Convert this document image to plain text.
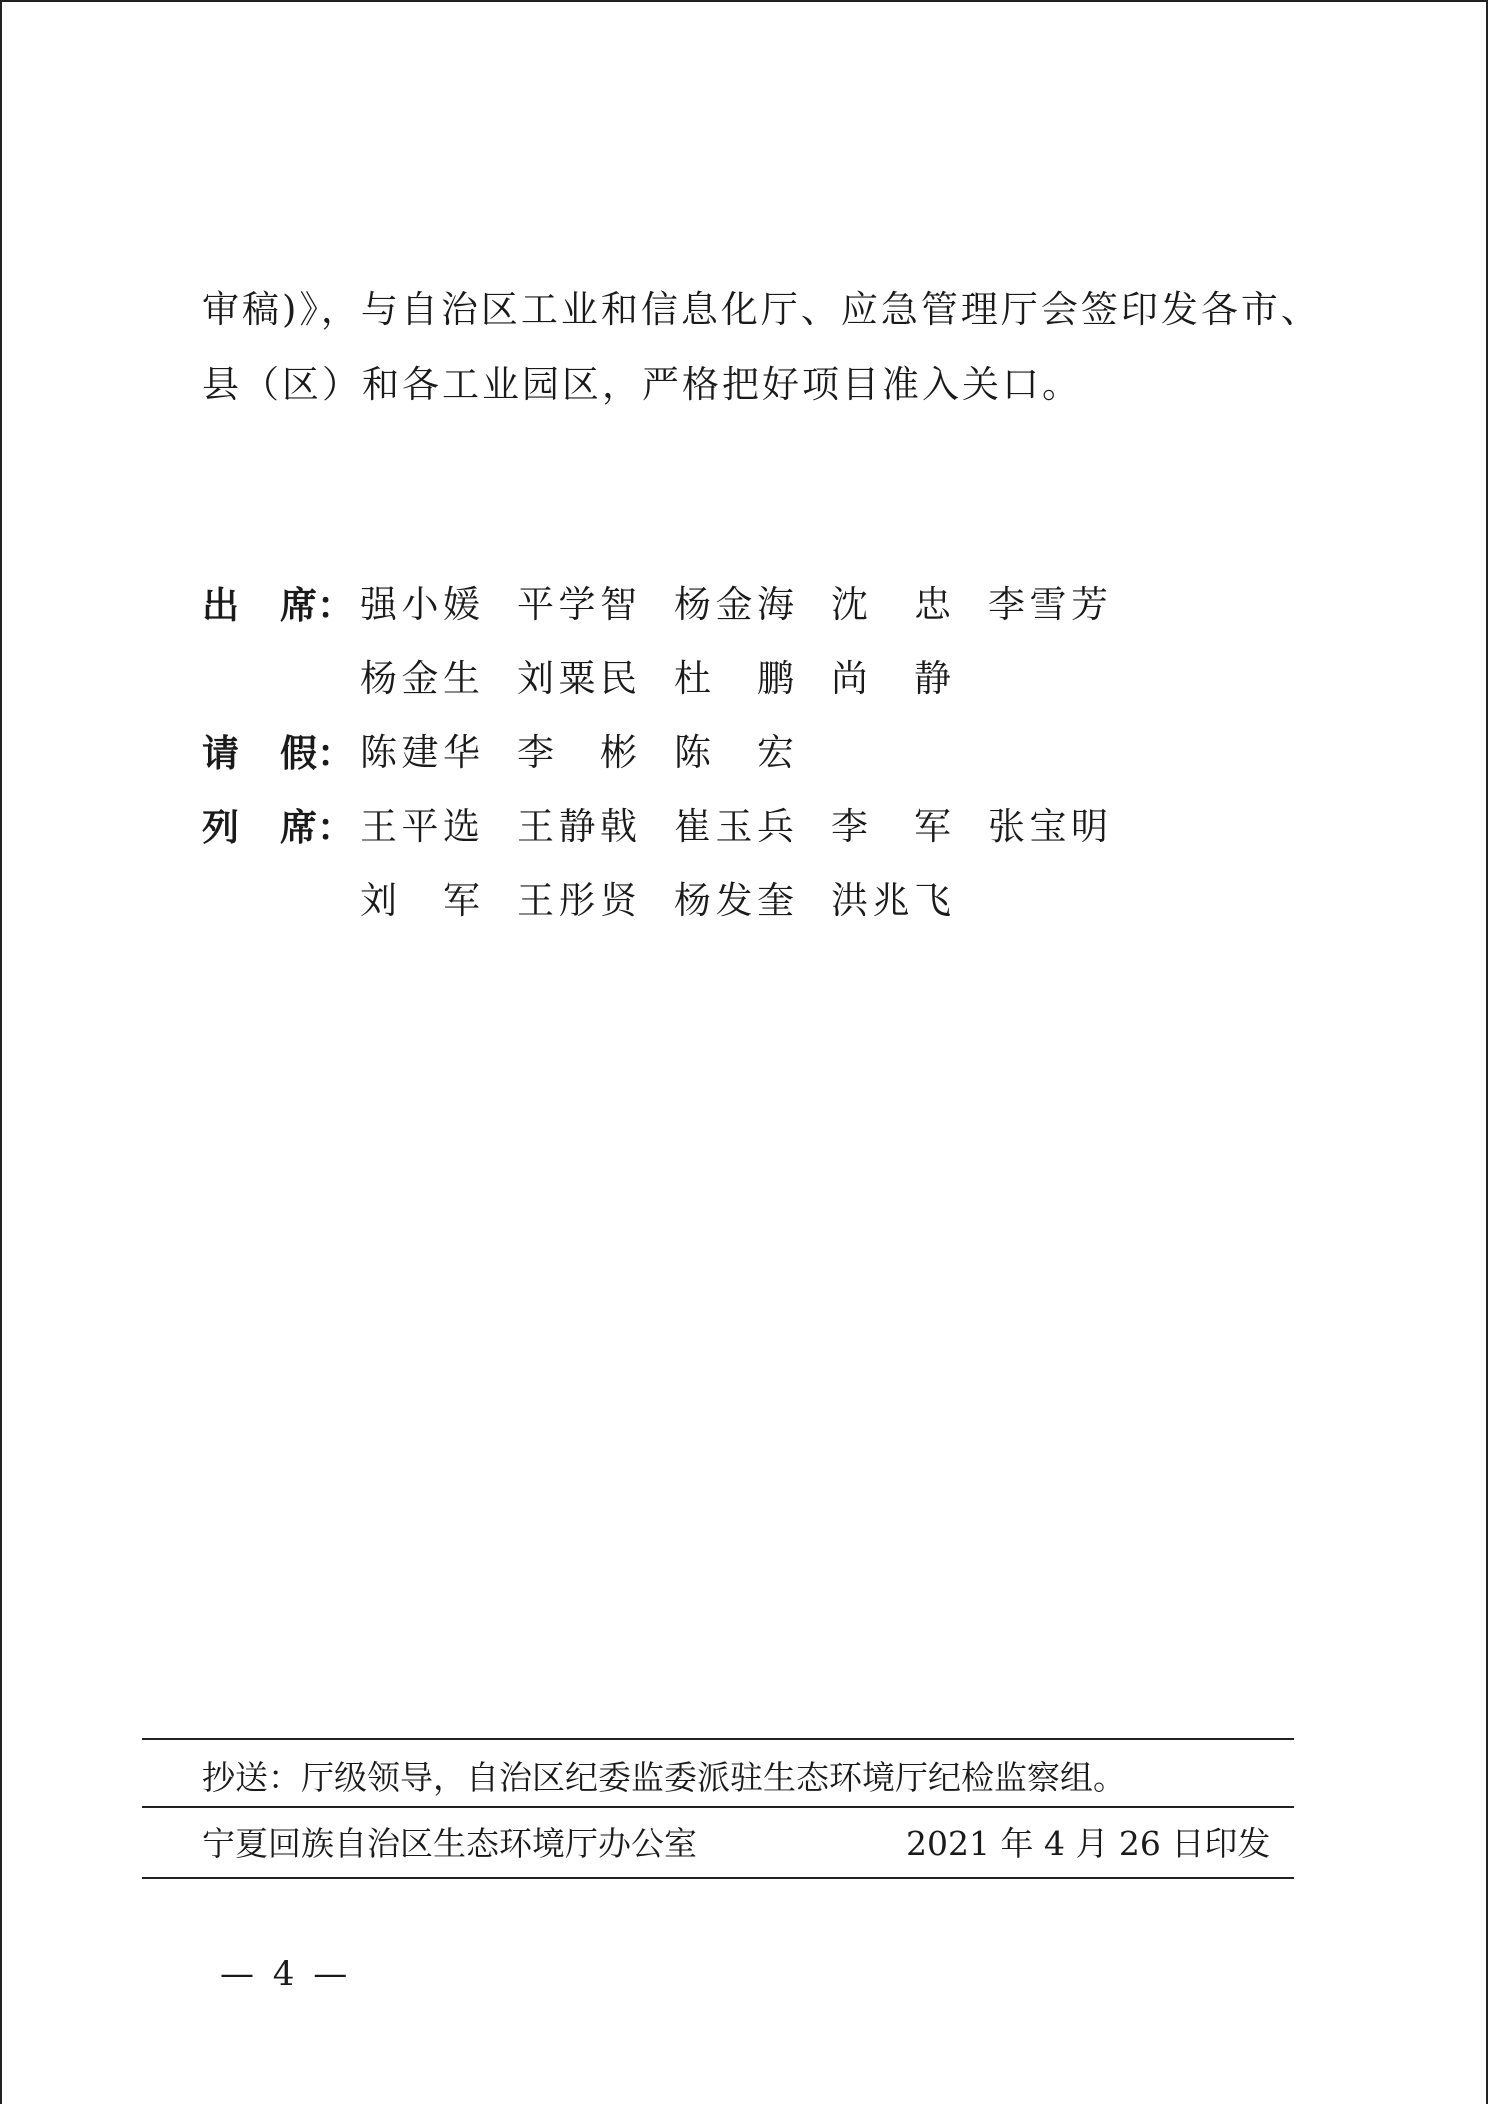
审稿)》，与自治区工业和信息化厅、应急管理厅会签印发各市、
县（区）和各工业园区，严格把好项目准入关口。
出 席： 强小媛 平学智 杨金海 沈 忠 李雪芳
杨金生 刘粟民 杜 鹏 尚 静
请 假： 陈建华 李 彬 陈 宏
列 席： 王平选 王静戟 崔玉兵 李 军 张宝明
刘 军 王彤贤 杨发奎 洪兆飞
抄送：厅级领导，自治区纪委监委派驻生态环境厅纪检监察组。
宁夏回族自治区生态环境厅办公室	2021 年 4 月 26 日印发
— 4 —
